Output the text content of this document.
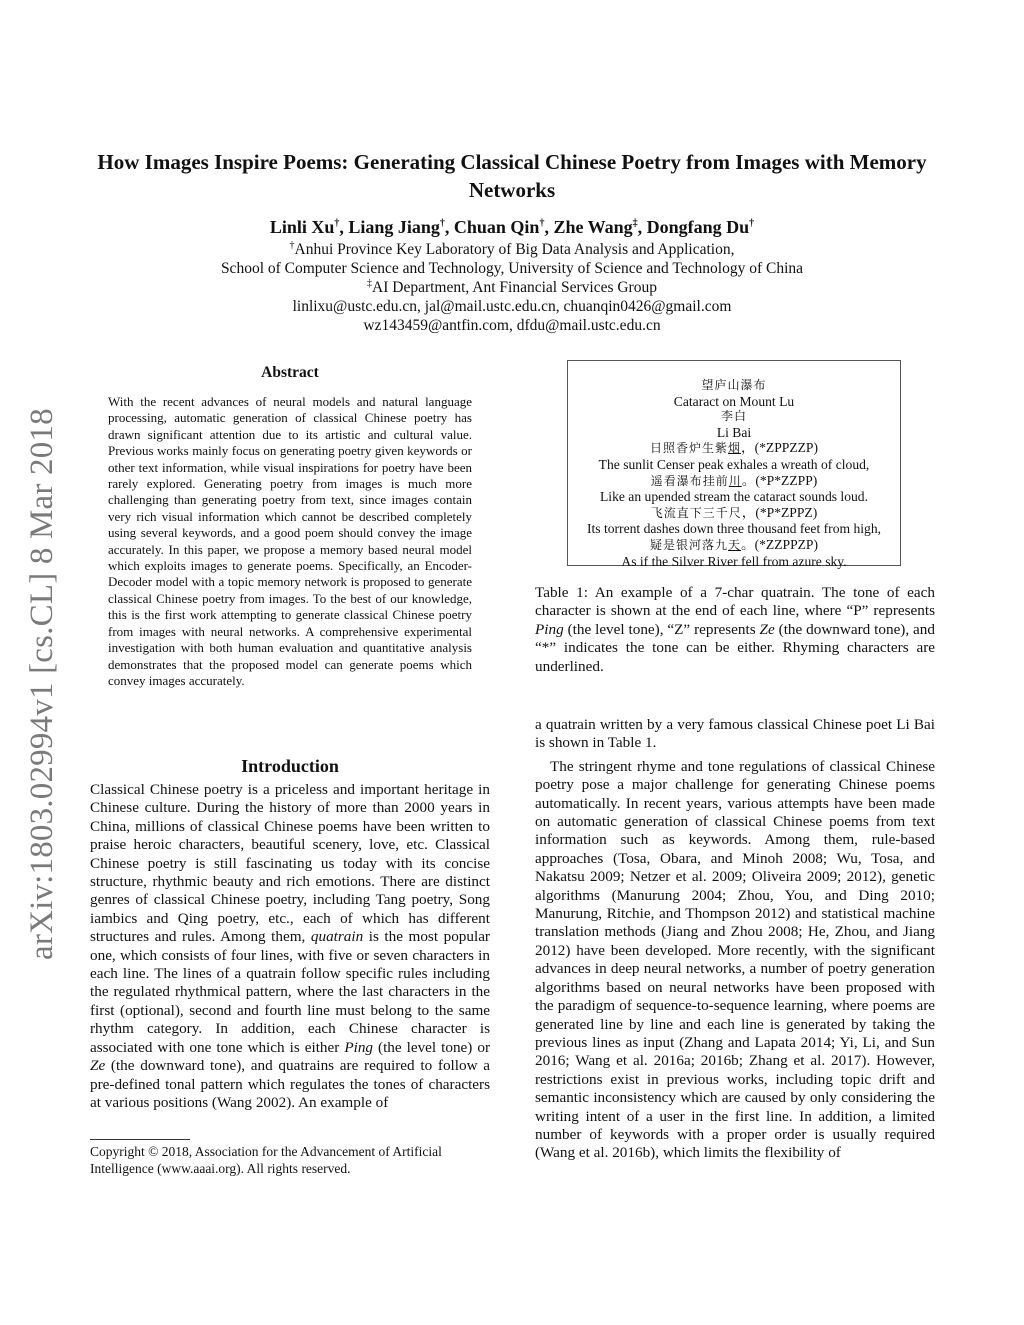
arXiv:1803.02994v1 [cs.CL] 8 Mar 2018
How Images Inspire Poems: Generating Classical Chinese Poetry from Images with Memory Networks
Linli Xu†, Liang Jiang†, Chuan Qin†, Zhe Wang‡, Dongfang Du†
†Anhui Province Key Laboratory of Big Data Analysis and Application,
School of Computer Science and Technology, University of Science and Technology of China
‡AI Department, Ant Financial Services Group
linlixu@ustc.edu.cn, jal@mail.ustc.edu.cn, chuanqin0426@gmail.com
wz143459@antfin.com, dfdu@mail.ustc.edu.cn
Abstract
With the recent advances of neural models and natural language processing, automatic generation of classical Chinese poetry has drawn significant attention due to its artistic and cultural value. Previous works mainly focus on generating poetry given keywords or other text information, while visual inspirations for poetry have been rarely explored. Generating poetry from images is much more challenging than generating poetry from text, since images contain very rich visual information which cannot be described completely using several keywords, and a good poem should convey the image accurately. In this paper, we propose a memory based neural model which exploits images to generate poems. Specifically, an Encoder-Decoder model with a topic memory network is proposed to generate classical Chinese poetry from images. To the best of our knowledge, this is the first work attempting to generate classical Chinese poetry from images with neural networks. A comprehensive experimental investigation with both human evaluation and quantitative analysis demonstrates that the proposed model can generate poems which convey images accurately.
Introduction

Classical Chinese poetry is a priceless and important heritage in Chinese culture. During the history of more than 2000 years in China, millions of classical Chinese poems have been written to praise heroic characters, beautiful scenery, love, etc. Classical Chinese poetry is still fascinating us today with its concise structure, rhythmic beauty and rich emotions. There are distinct genres of classical Chinese poetry, including Tang poetry, Song iambics and Qing poetry, etc., each of which has different structures and rules. Among them, quatrain is the most popular one, which consists of four lines, with five or seven characters in each line. The lines of a quatrain follow specific rules including the regulated rhythmical pattern, where the last characters in the first (optional), second and fourth line must belong to the same rhythm category. In addition, each Chinese character is associated with one tone which is either Ping (the level tone) or Ze (the downward tone), and quatrains are required to follow a pre-defined tonal pattern which regulates the tones of characters at various positions (Wang 2002). An example of

Copyright © 2018, Association for the Advancement of Artificial Intelligence (www.aaai.org). All rights reserved.
望庐山瀑布
Cataract on Mount Lu
李白
Li Bai
日照香炉生紫烟，(*ZPPZZP)
The sunlit Censer peak exhales a wreath of cloud,
遥看瀑布挂前川。(*P*ZZPP)
Like an upended stream the cataract sounds loud.
飞流直下三千尺，(*P*ZPPZ)
Its torrent dashes down three thousand feet from high,
疑是银河落九天。(*ZZPPZP)
As if the Silver River fell from azure sky.
Table 1: An example of a 7-char quatrain. The tone of each character is shown at the end of each line, where “P” represents Ping (the level tone), “Z” represents Ze (the downward tone), and “*” indicates the tone can be either. Rhyming characters are underlined.

a quatrain written by a very famous classical Chinese poet Li Bai is shown in Table 1.

The stringent rhyme and tone regulations of classical Chinese poetry pose a major challenge for generating Chinese poems automatically. In recent years, various attempts have been made on automatic generation of classical Chinese poems from text information such as keywords. Among them, rule-based approaches (Tosa, Obara, and Minoh 2008; Wu, Tosa, and Nakatsu 2009; Netzer et al. 2009; Oliveira 2009; 2012), genetic algorithms (Manurung 2004; Zhou, You, and Ding 2010; Manurung, Ritchie, and Thompson 2012) and statistical machine translation methods (Jiang and Zhou 2008; He, Zhou, and Jiang 2012) have been developed. More recently, with the significant advances in deep neural networks, a number of poetry generation algorithms based on neural networks have been proposed with the paradigm of sequence-to-sequence learning, where poems are generated line by line and each line is generated by taking the previous lines as input (Zhang and Lapata 2014; Yi, Li, and Sun 2016; Wang et al. 2016a; 2016b; Zhang et al. 2017). However, restrictions exist in previous works, including topic drift and semantic inconsistency which are caused by only considering the writing intent of a user in the first line. In addition, a limited number of keywords with a proper order is usually required (Wang et al. 2016b), which limits the flexibility of
